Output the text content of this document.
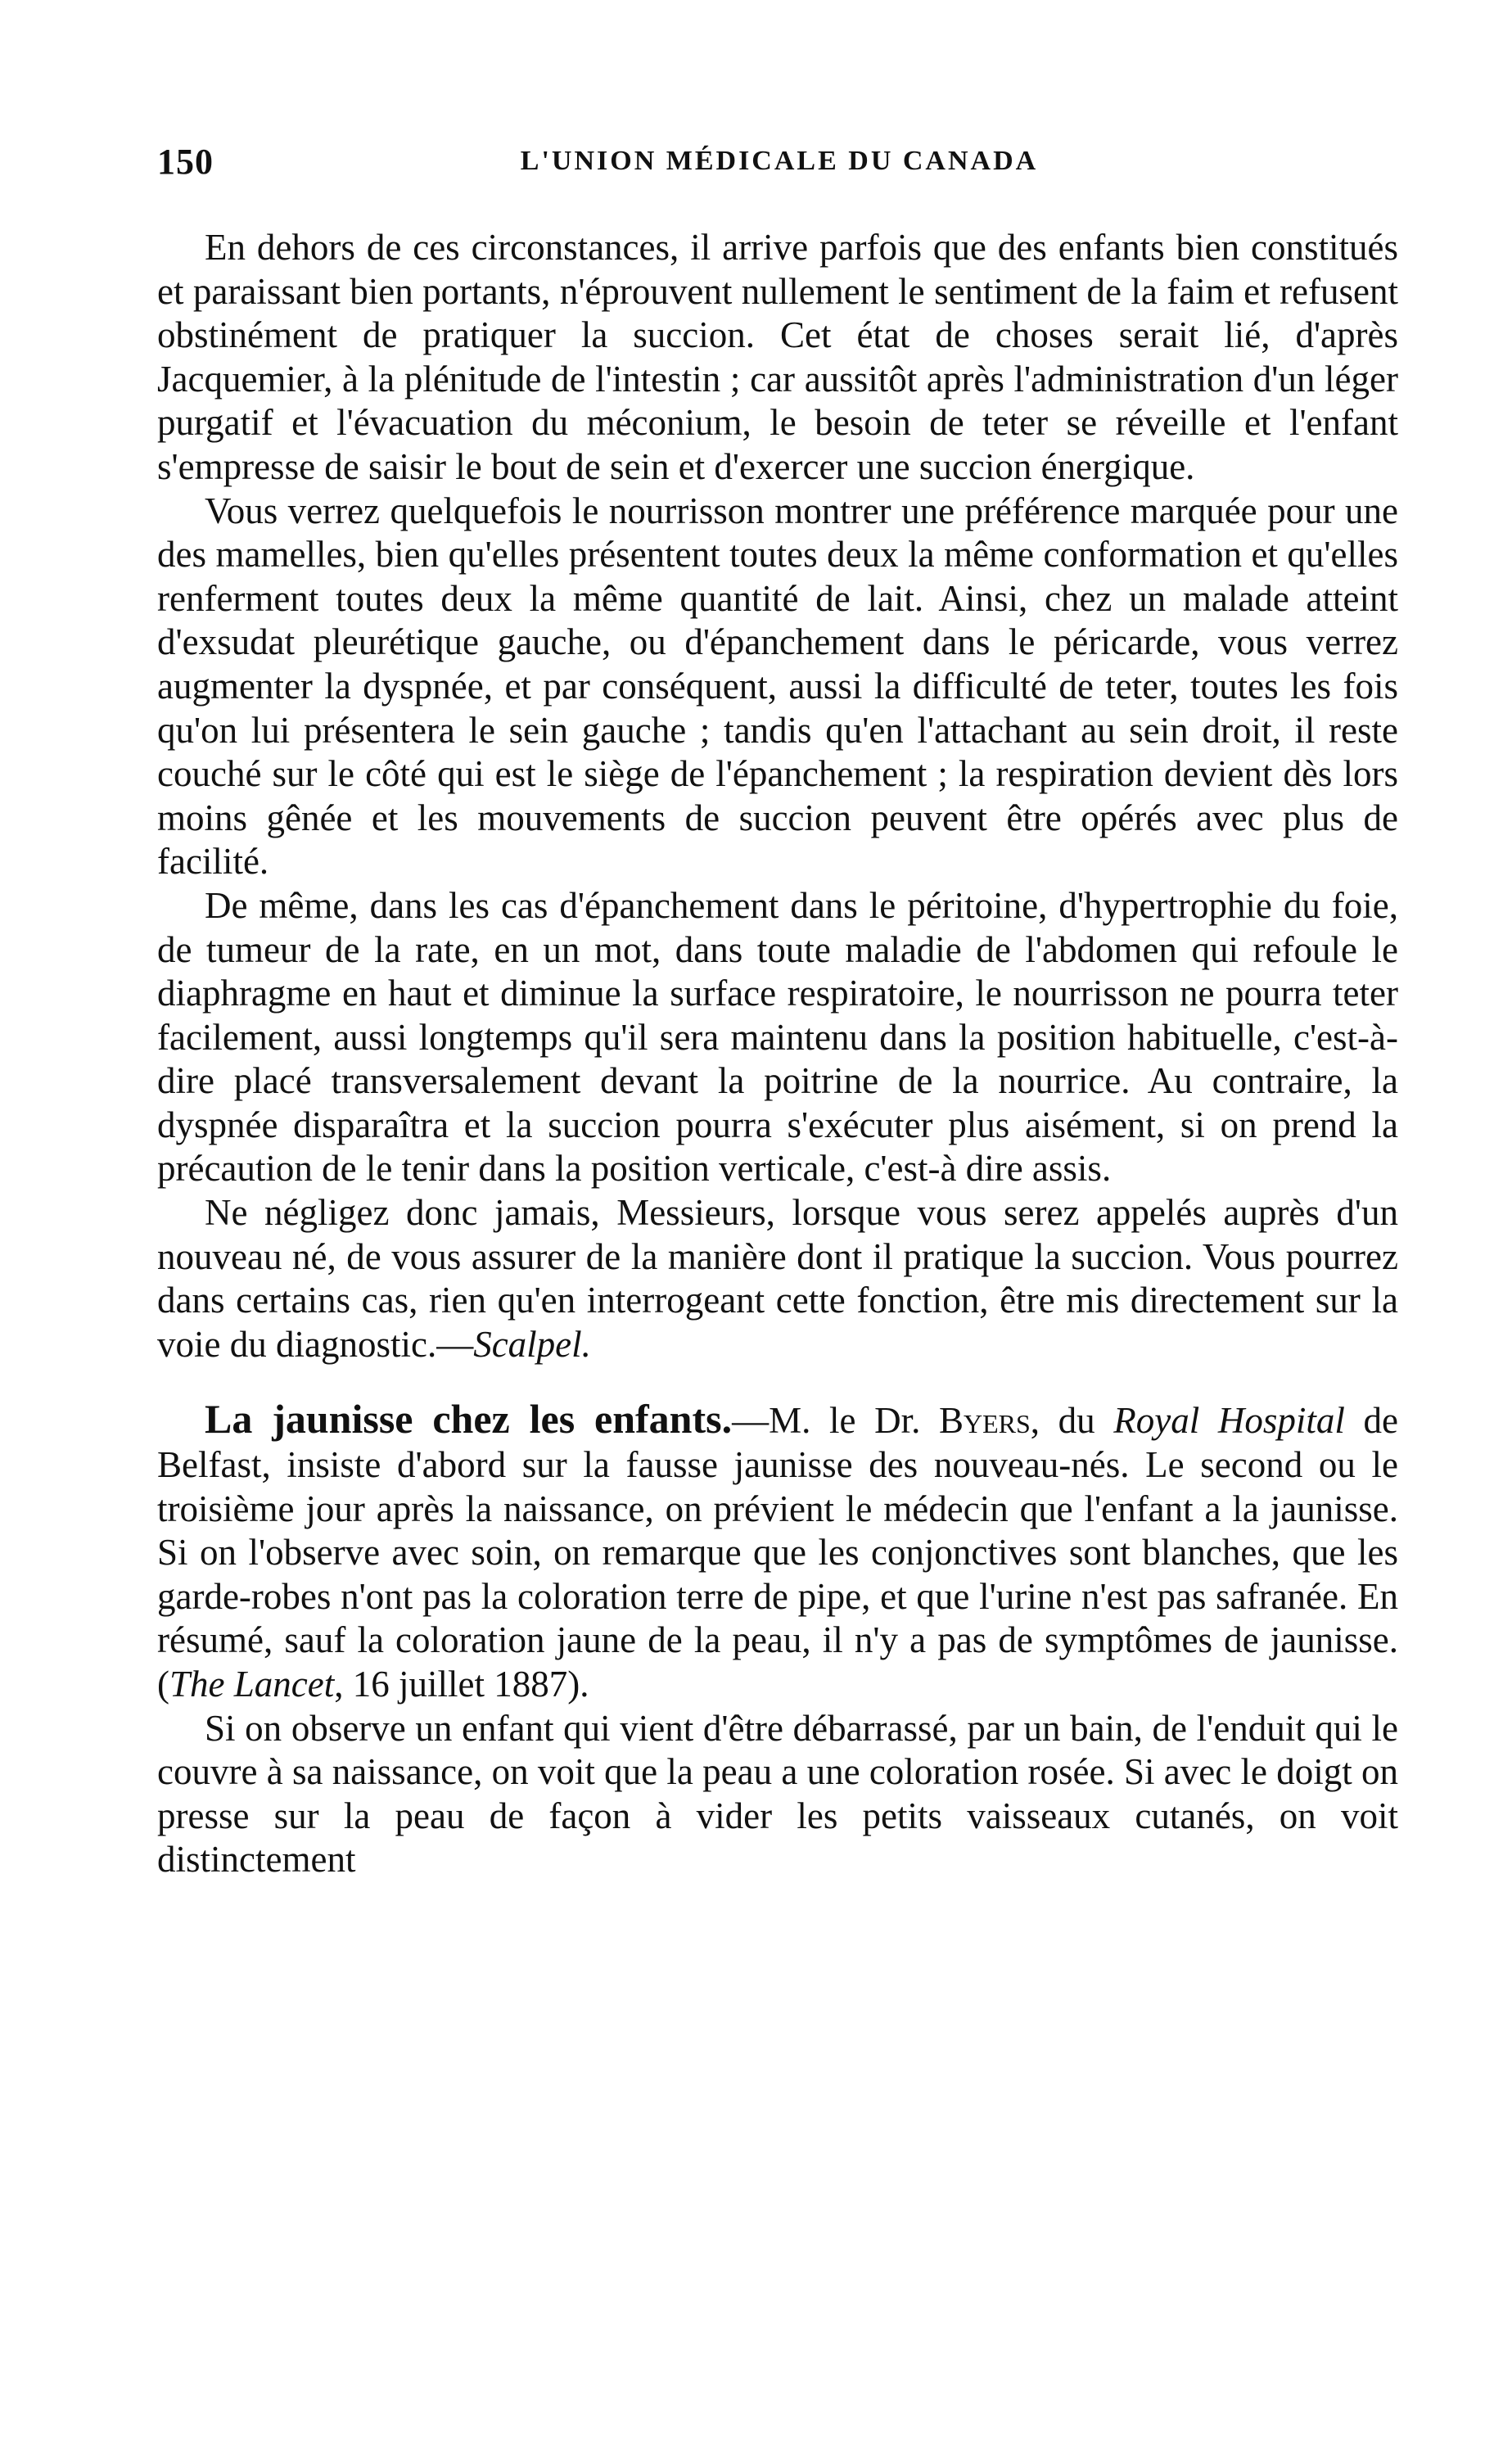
150	L'UNION MÉDICALE DU CANADA

En dehors de ces circonstances, il arrive parfois que des enfants bien constitués et paraissant bien portants, n'éprouvent nullement le sentiment de la faim et refusent obstinément de pratiquer la succion. Cet état de choses serait lié, d'après Jacquemier, à la plénitude de l'intestin ; car aussitôt après l'administration d'un léger purgatif et l'évacuation du méconium, le besoin de teter se réveille et l'enfant s'empresse de saisir le bout de sein et d'exercer une succion énergique.

Vous verrez quelquefois le nourrisson montrer une préférence marquée pour une des mamelles, bien qu'elles présentent toutes deux la même conformation et qu'elles renferment toutes deux la même quantité de lait. Ainsi, chez un malade atteint d'exsudat pleurétique gauche, ou d'épanchement dans le péricarde, vous verrez augmenter la dyspnée, et par conséquent, aussi la difficulté de teter, toutes les fois qu'on lui présentera le sein gauche ; tandis qu'en l'attachant au sein droit, il reste couché sur le côté qui est le siège de l'épanchement ; la respiration devient dès lors moins gênée et les mouvements de succion peuvent être opérés avec plus de facilité.

De même, dans les cas d'épanchement dans le péritoine, d'hypertrophie du foie, de tumeur de la rate, en un mot, dans toute maladie de l'abdomen qui refoule le diaphragme en haut et diminue la surface respiratoire, le nourrisson ne pourra teter facilement, aussi longtemps qu'il sera maintenu dans la position habituelle, c'est-à-dire placé transversalement devant la poitrine de la nourrice. Au contraire, la dyspnée disparaîtra et la succion pourra s'exécuter plus aisément, si on prend la précaution de le tenir dans la position verticale, c'est-à dire assis.

Ne négligez donc jamais, Messieurs, lorsque vous serez appelés auprès d'un nouveau né, de vous assurer de la manière dont il pratique la succion. Vous pourrez dans certains cas, rien qu'en interrogeant cette fonction, être mis directement sur la voie du diagnostic.—Scalpel.

La jaunisse chez les enfants.—M. le Dr. Byers, du Royal Hospital de Belfast, insiste d'abord sur la fausse jaunisse des nouveau-nés. Le second ou le troisième jour après la naissance, on prévient le médecin que l'enfant a la jaunisse. Si on l'observe avec soin, on remarque que les conjonctives sont blanches, que les garde-robes n'ont pas la coloration terre de pipe, et que l'urine n'est pas safranée. En résumé, sauf la coloration jaune de la peau, il n'y a pas de symptômes de jaunisse. (The Lancet, 16 juillet 1887).

Si on observe un enfant qui vient d'être débarrassé, par un bain, de l'enduit qui le couvre à sa naissance, on voit que la peau a une coloration rosée. Si avec le doigt on presse sur la peau de façon à vider les petits vaisseaux cutanés, on voit distinctement
